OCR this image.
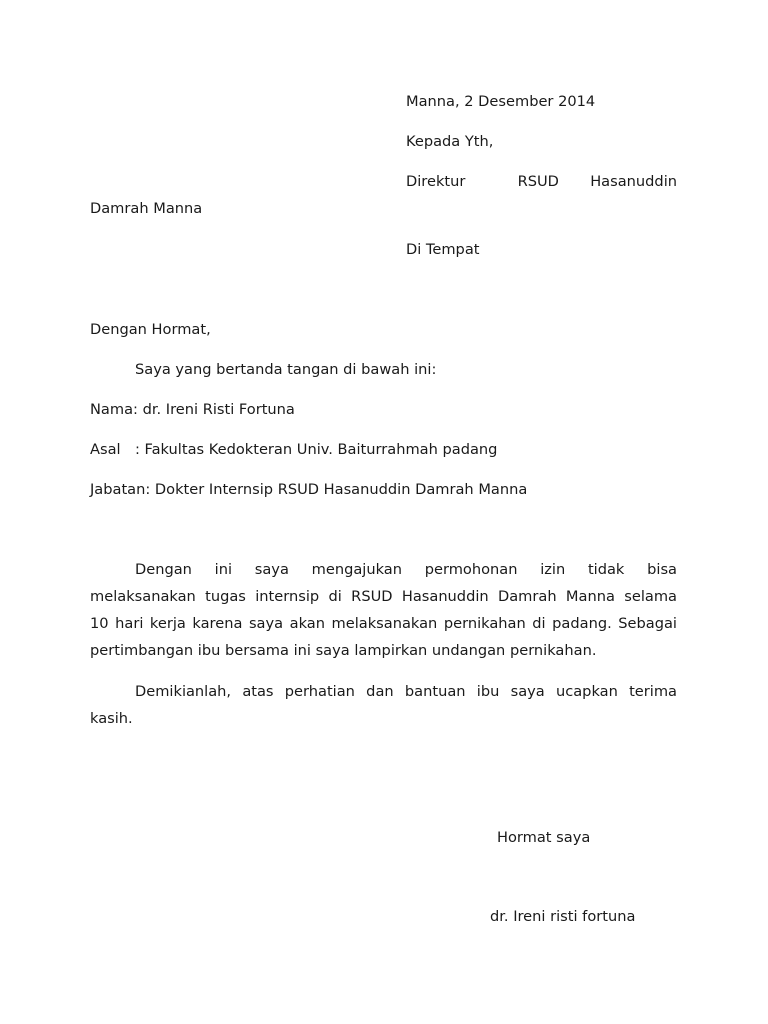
Manna, 2 Desember 2014
Kepada Yth,
Direktur          RSUD      Hasanuddin
Damrah Manna
Di Tempat
Dengan Hormat,
Saya yang bertanda tangan di bawah ini:
Nama: dr. Ireni Risti Fortuna
Asal : Fakultas Kedokteran Univ. Baiturrahmah padang
Jabatan: Dokter Internsip RSUD Hasanuddin Damrah Manna
Dengan ini saya mengajukan permohonan izin tidak bisa
melaksanakan tugas internsip di RSUD Hasanuddin Damrah Manna selama
10 hari kerja karena saya akan melaksanakan pernikahan di padang. Sebagai
pertimbangan ibu bersama ini saya lampirkan undangan pernikahan.
Demikianlah, atas perhatian dan bantuan ibu saya ucapkan terima
kasih.
Hormat saya
dr. Ireni risti fortuna
